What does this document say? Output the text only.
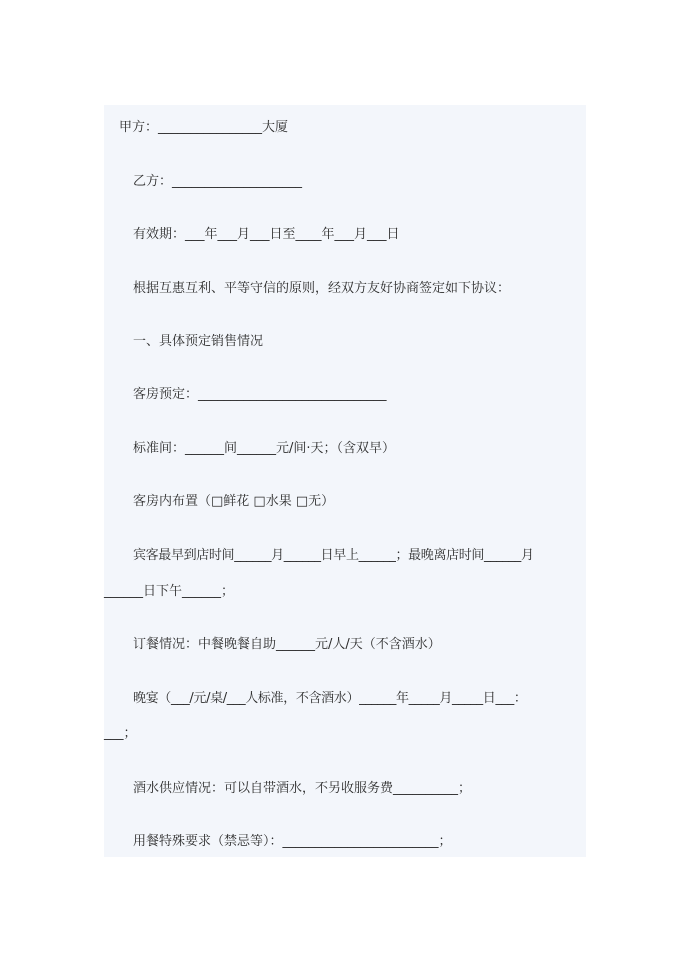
甲方：________________大厦
乙方：____________________
有效期：___年___月___日至____年___月___日
根据互惠互利、平等守信的原则，经双方友好协商签定如下协议：
一、具体预定销售情况
客房预定：_____________________________
标准间：______间______元/间·天；（含双早）
客房内布置（□鲜花 □水果 □无）
宾客最早到店时间______月______日早上______；最晚离店时间______月
______日下午______；
订餐情况：中餐晚餐自助______元/人/天（不含酒水）
晚宴（___/元/桌/___人标准，不含酒水）______年_____月_____日___：
___；
酒水供应情况：可以自带酒水，不另收服务费__________；
用餐特殊要求（禁忌等）：________________________；
